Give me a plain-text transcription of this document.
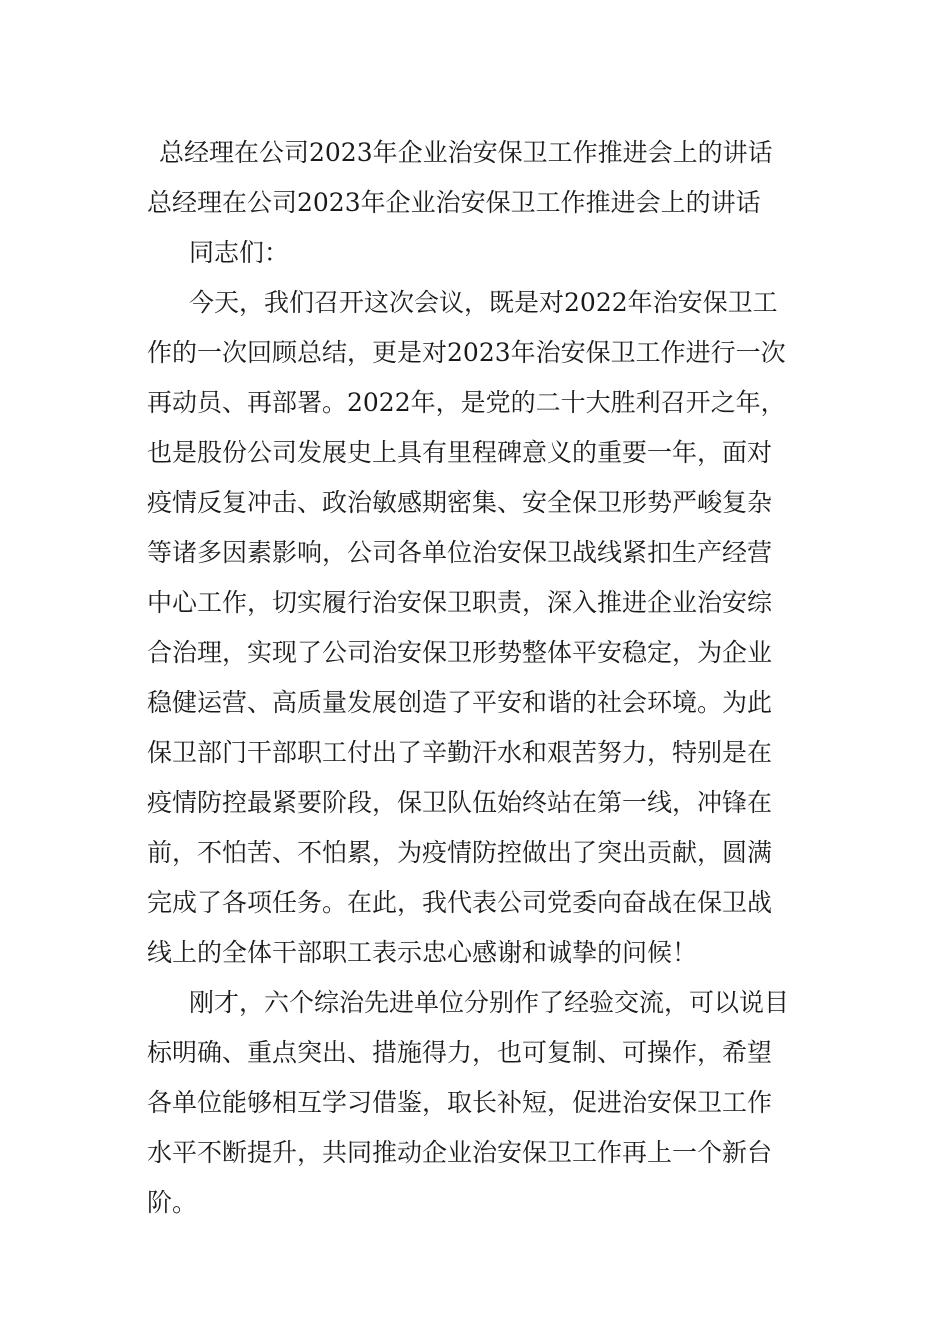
总经理在公司2023年企业治安保卫工作推进会上的讲话
总经理在公司2023年企业治安保卫工作推进会上的讲话
同志们：
今天，我们召开这次会议，既是对2022年治安保卫工
作的一次回顾总结，更是对2023年治安保卫工作进行一次
再动员、再部署。2022年，是党的二十大胜利召开之年，
也是股份公司发展史上具有里程碑意义的重要一年，面对
疫情反复冲击、政治敏感期密集、安全保卫形势严峻复杂
等诸多因素影响，公司各单位治安保卫战线紧扣生产经营
中心工作，切实履行治安保卫职责，深入推进企业治安综
合治理，实现了公司治安保卫形势整体平安稳定，为企业
稳健运营、高质量发展创造了平安和谐的社会环境。为此
保卫部门干部职工付出了辛勤汗水和艰苦努力，特别是在
疫情防控最紧要阶段，保卫队伍始终站在第一线，冲锋在
前，不怕苦、不怕累，为疫情防控做出了突出贡献，圆满
完成了各项任务。在此，我代表公司党委向奋战在保卫战
线上的全体干部职工表示忠心感谢和诚挚的问候！
刚才，六个综治先进单位分别作了经验交流，可以说目
标明确、重点突出、措施得力，也可复制、可操作，希望
各单位能够相互学习借鉴，取长补短，促进治安保卫工作
水平不断提升，共同推动企业治安保卫工作再上一个新台
阶。
